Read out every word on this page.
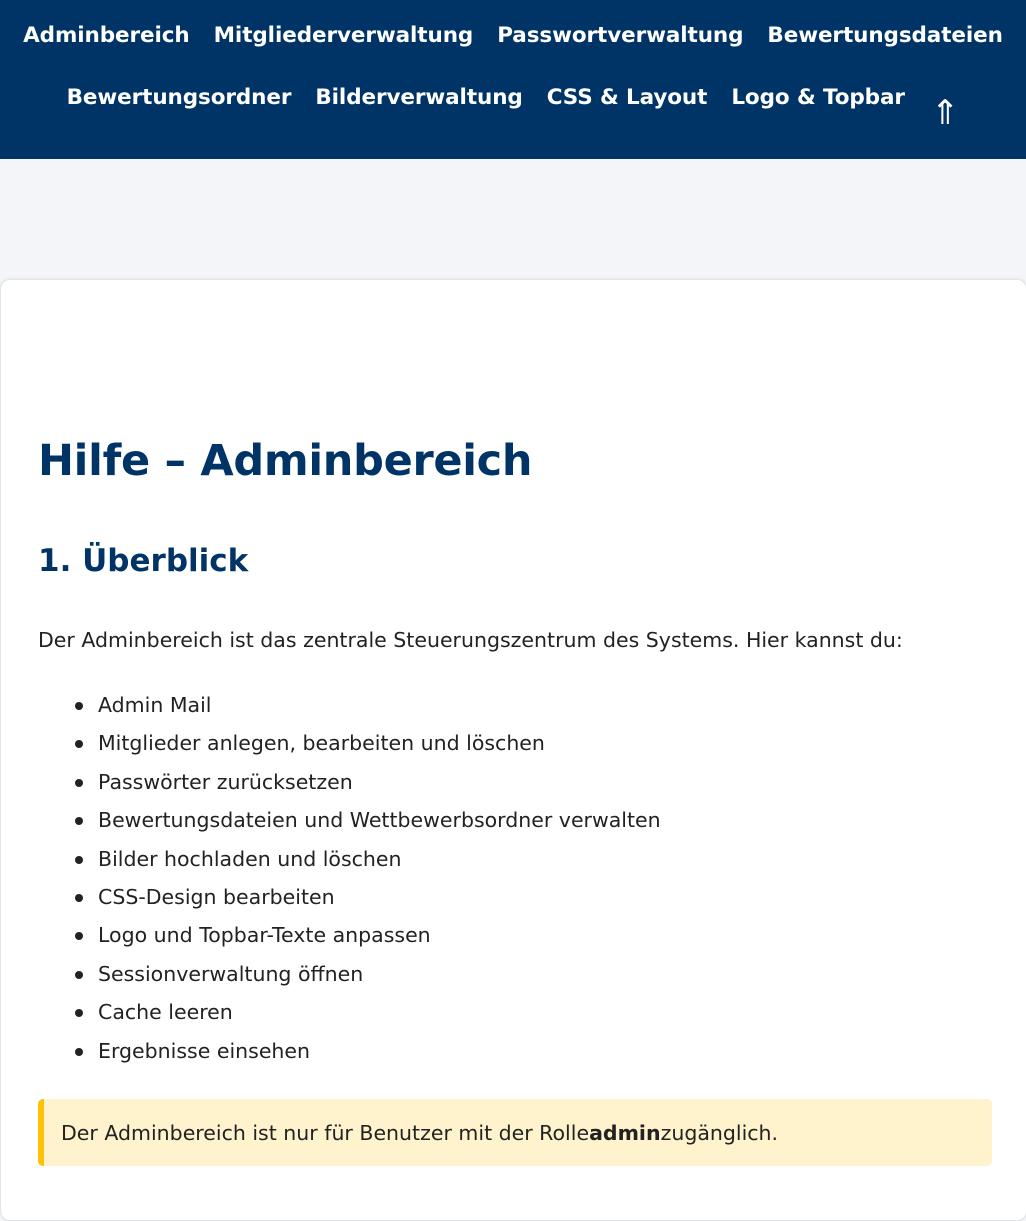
Adminbereich Mitgliederverwaltung Passwortverwaltung Bewertungsdateien
Bewertungsordner Bilderverwaltung CSS & Layout Logo & Topbar ⇑
Hilfe – Adminbereich
1. Überblick

Der Adminbereich ist das zentrale Steuerungszentrum des Systems. Hier kannst du:

Admin Mail
Mitglieder anlegen, bearbeiten und löschen
Passwörter zurücksetzen
Bewertungsdateien und Wettbewerbsordner verwalten
Bilder hochladen und löschen
CSS-Design bearbeiten
Logo und Topbar-Texte anpassen
Sessionverwaltung öffnen
Cache leeren
Ergebnisse einsehen
Der Adminbereich ist nur für Benutzer mit der Rolle admin zugänglich.
